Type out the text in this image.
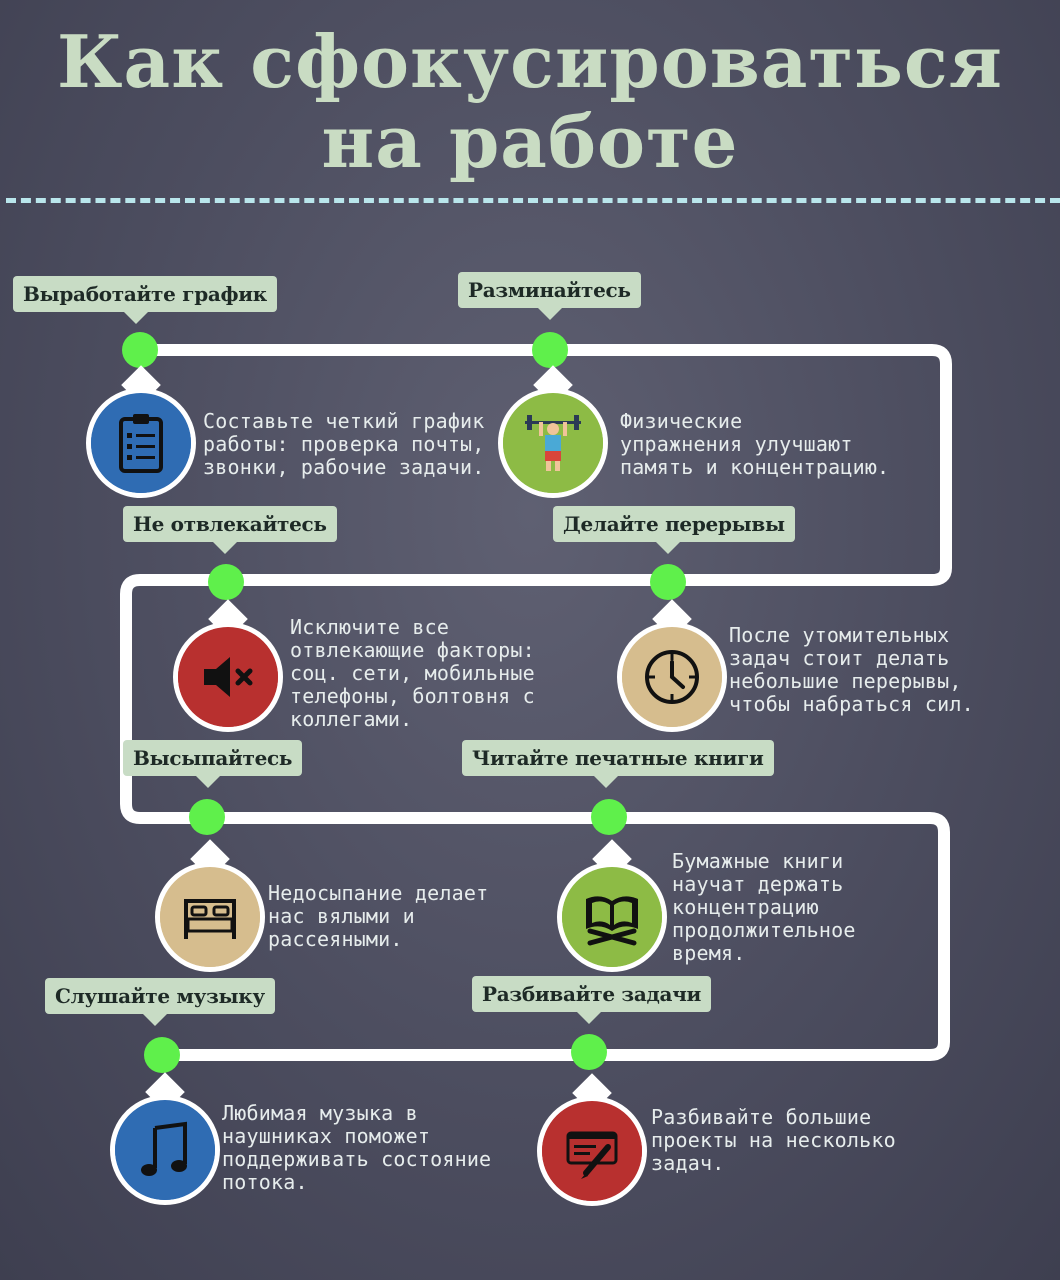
Как сфокусироваться
на работе
Выработайте график
Составьте четкий график
работы: проверка почты,
звонки, рабочие задачи.
Разминайтесь
Физические
упражнения улучшают
память и концентрацию.
Не отвлекайтесь
Исключите все
отвлекающие факторы:
соц. сети, мобильные
телефоны, болтовня с
коллегами.
Делайте перерывы
После утомительных
задач стоит делать
небольшие перерывы,
чтобы набраться сил.
Высыпайтесь
Недосыпание делает
нас вялыми и
рассеяными.
Читайте печатные книги
Бумажные книги
научат держать
концентрацию
продолжительное
время.
Слушайте музыку
Любимая музыка в
наушниках поможет
поддерживать состояние
потока.
Разбивайте задачи
Разбивайте большие
проекты на несколько
задач.
